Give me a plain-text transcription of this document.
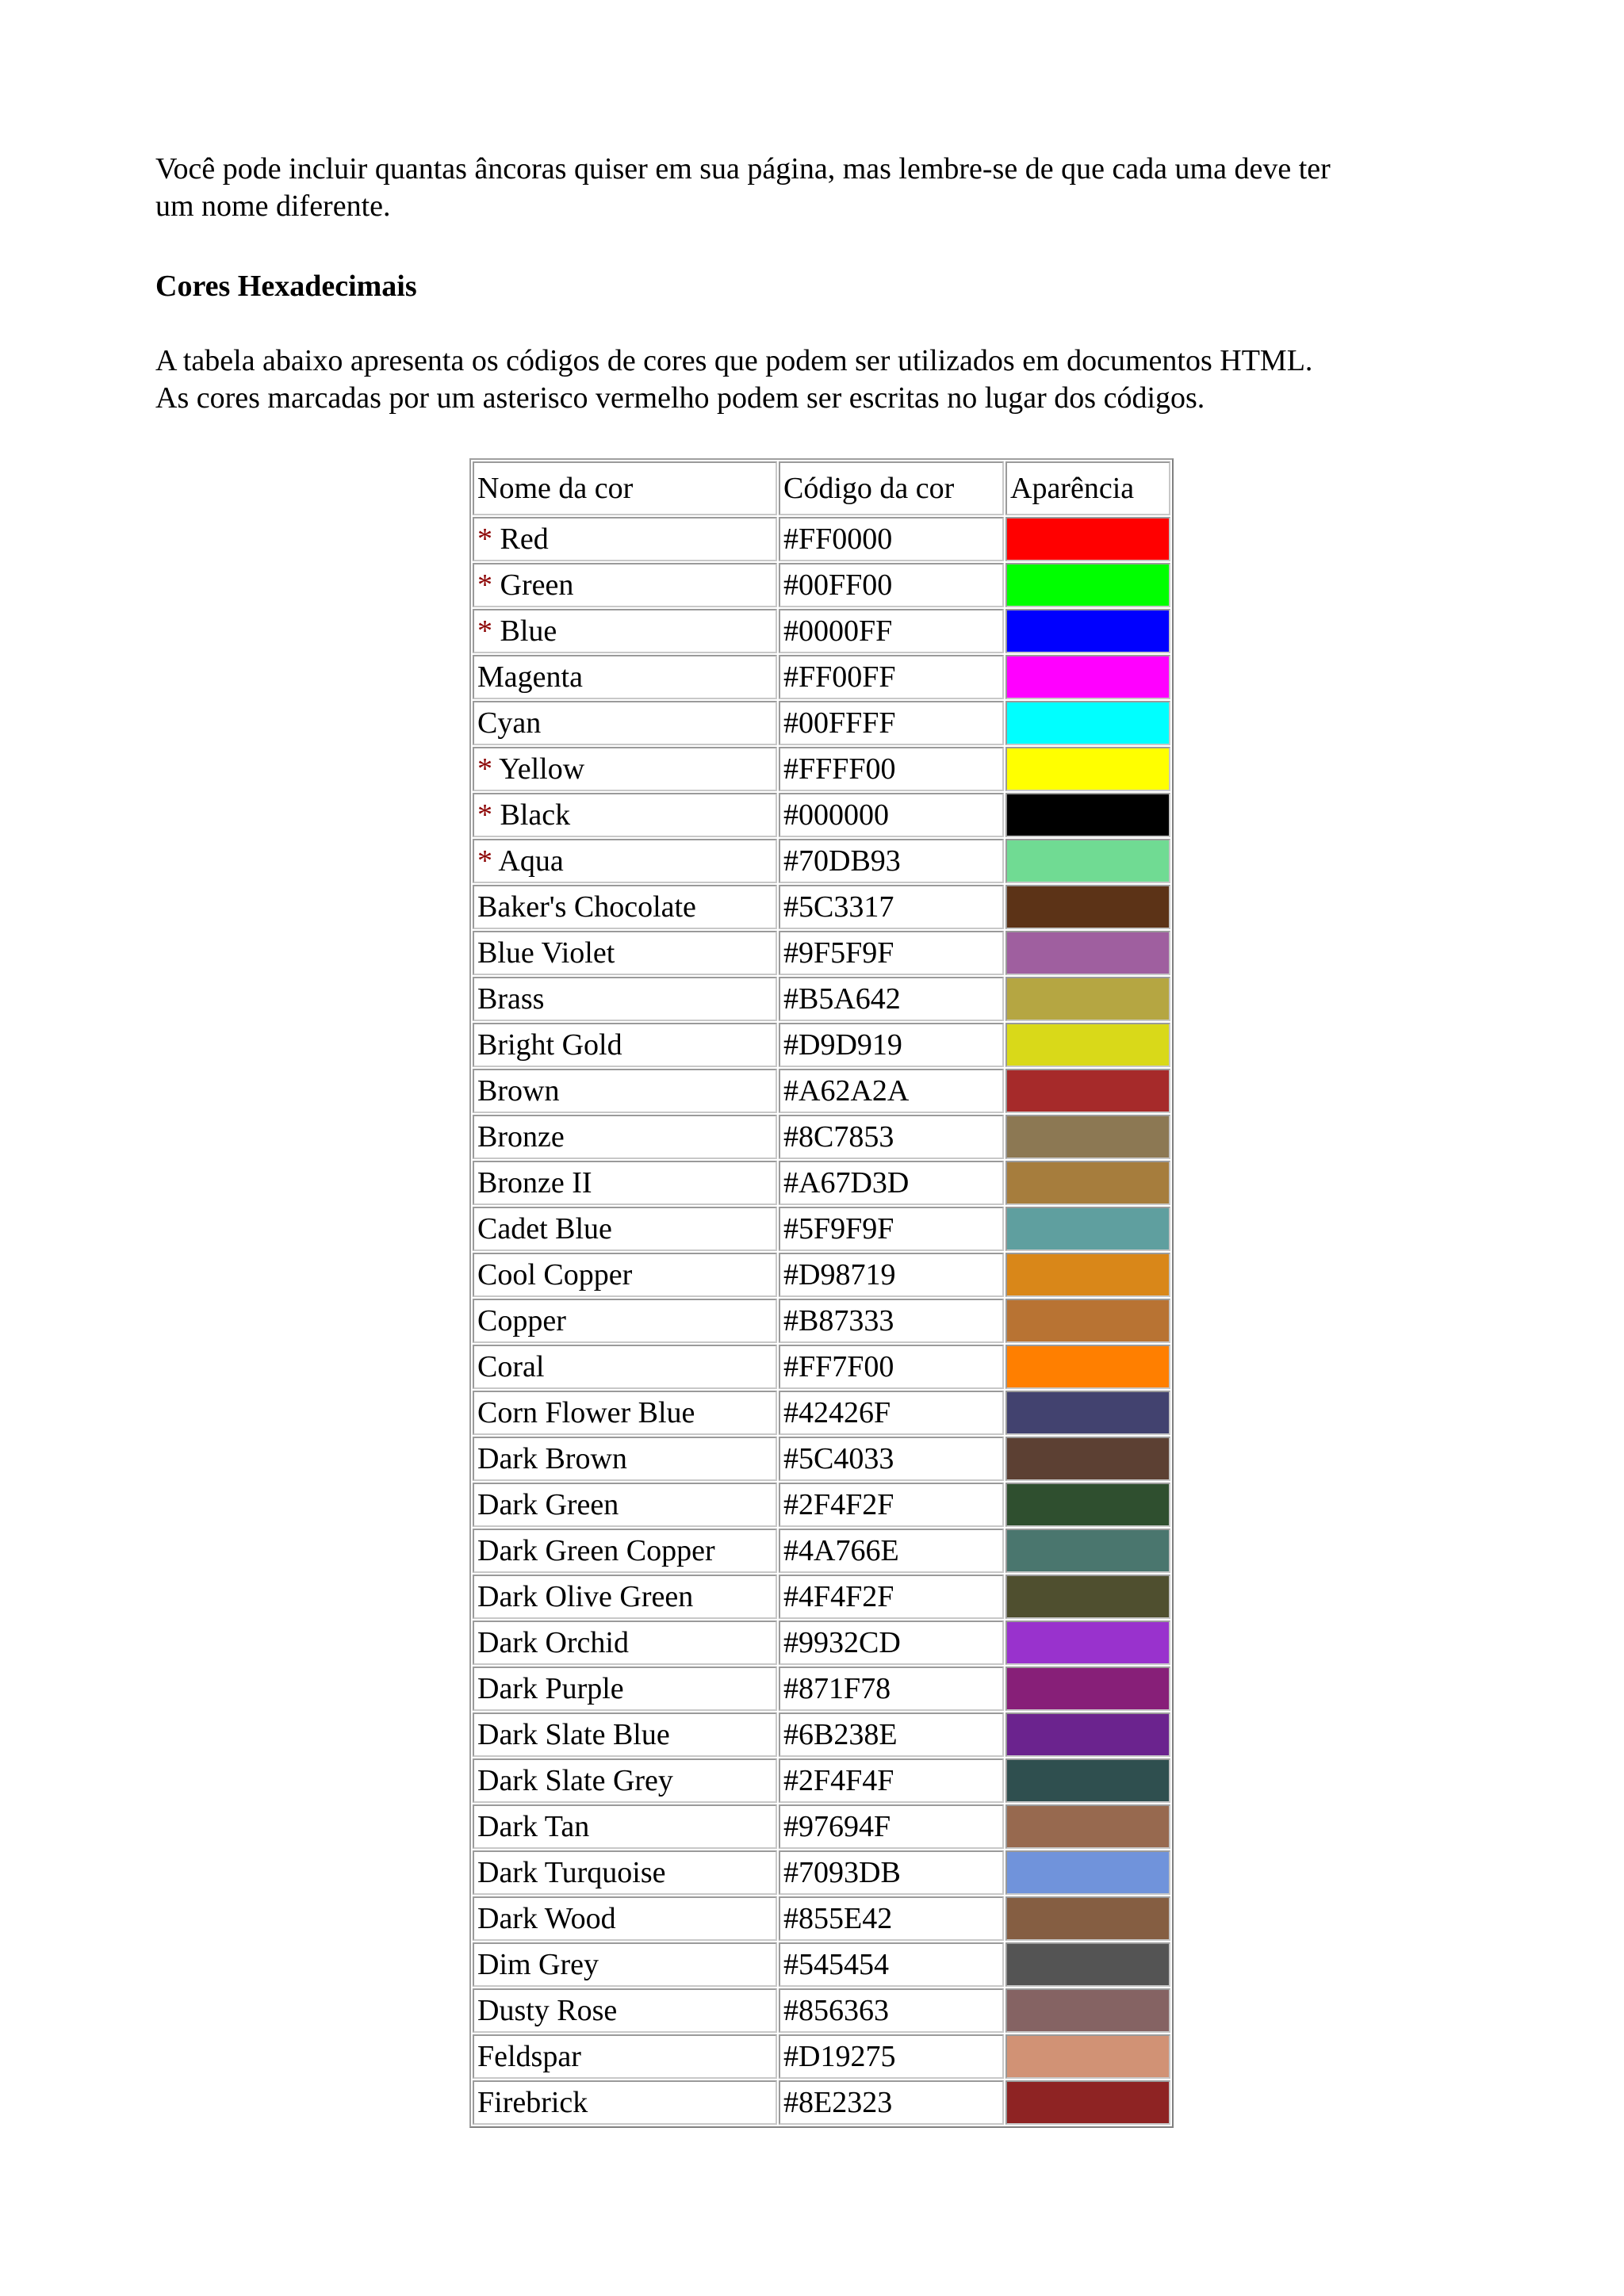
Você pode incluir quantas âncoras quiser em sua página, mas lembre-se de que cada uma deve ter
um nome diferente.

Cores Hexadecimais

A tabela abaixo apresenta os códigos de cores que podem ser utilizados em documentos HTML.
As cores marcadas por um asterisco vermelho podem ser escritas no lugar dos códigos.

Nome da cor	Código da cor	Aparência
* Red	#FF0000	

* Green	#00FF00	

* Blue	#0000FF	

Magenta	#FF00FF	

Cyan	#00FFFF	

* Yellow	#FFFF00	

* Black	#000000	

* Aqua	#70DB93	

Baker's Chocolate	#5C3317	

Blue Violet	#9F5F9F	

Brass	#B5A642	

Bright Gold	#D9D919	

Brown	#A62A2A	

Bronze	#8C7853	

Bronze II	#A67D3D	

Cadet Blue	#5F9F9F	

Cool Copper	#D98719	

Copper	#B87333	

Coral	#FF7F00	

Corn Flower Blue	#42426F	

Dark Brown	#5C4033	

Dark Green	#2F4F2F	

Dark Green Copper	#4A766E	

Dark Olive Green	#4F4F2F	

Dark Orchid	#9932CD	

Dark Purple	#871F78	

Dark Slate Blue	#6B238E	

Dark Slate Grey	#2F4F4F	

Dark Tan	#97694F	

Dark Turquoise	#7093DB	

Dark Wood	#855E42	

Dim Grey	#545454	

Dusty Rose	#856363	

Feldspar	#D19275	

Firebrick	#8E2323	
